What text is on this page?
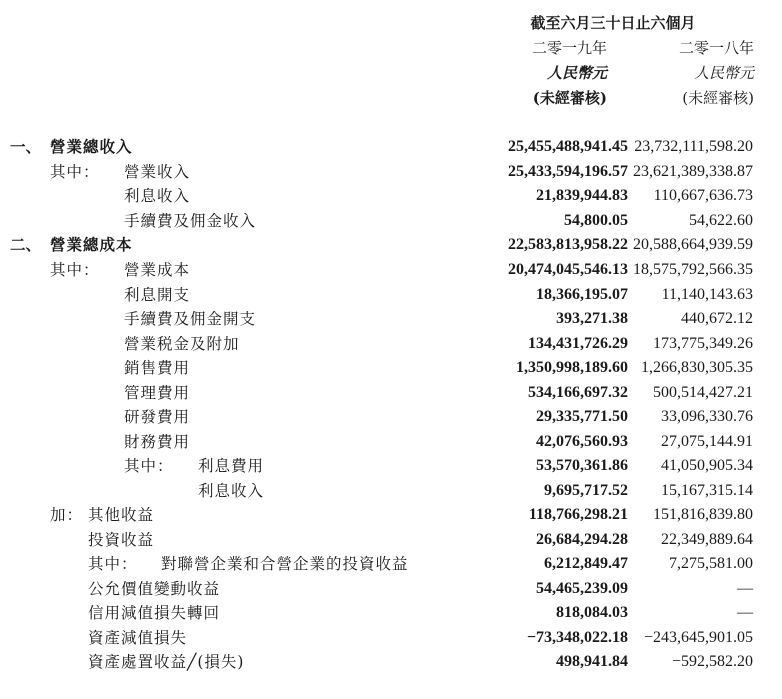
截至六月三十日止六個月
二零一九年	二零一八年
人民幣元	人民幣元
(未經審核)	(未經審核)
一、 營業總收入	25,455,488,941.45 23,732,111,598.20
其中： 營業收入	25,433,594,196.57 23,621,389,338.87
利息收入	21,839,944.83 110,667,636.73
手續費及佣金收入	54,800.05	54,622.60
二、 營業總成本	22,583,813,958.22 20,588,664,939.59
其中： 營業成本	20,474,045,546.13 18,575,792,566.35
利息開支	18,366,195.07 11,140,143.63
手續費及佣金開支	393,271.38	440,672.12
營業税金及附加	134,431,726.29 173,775,349.26
銷售費用	1,350,998,189.60 1,266,830,305.35
管理費用	534,166,697.32 500,514,427.21
研發費用	29,335,771.50 33,096,330.76
財務費用	42,076,560.93 27,075,144.91
其中： 利息費用	53,570,361.86 41,050,905.34
利息收入	9,695,717.52 15,167,315.14
加： 其他收益	118,766,298.21 151,816,839.80
投資收益	26,684,294.28 22,349,889.64
其中： 對聯營企業和合營企業的投資收益	6,212,849.47	7,275,581.00
公允價值變動收益	54,465,239.09	—
信用減值損失轉回	818,084.03	—
資產減值損失	−73,348,022.18 −243,645,901.05
資產處置收益╱(損失)	498,941.84	−592,582.20
